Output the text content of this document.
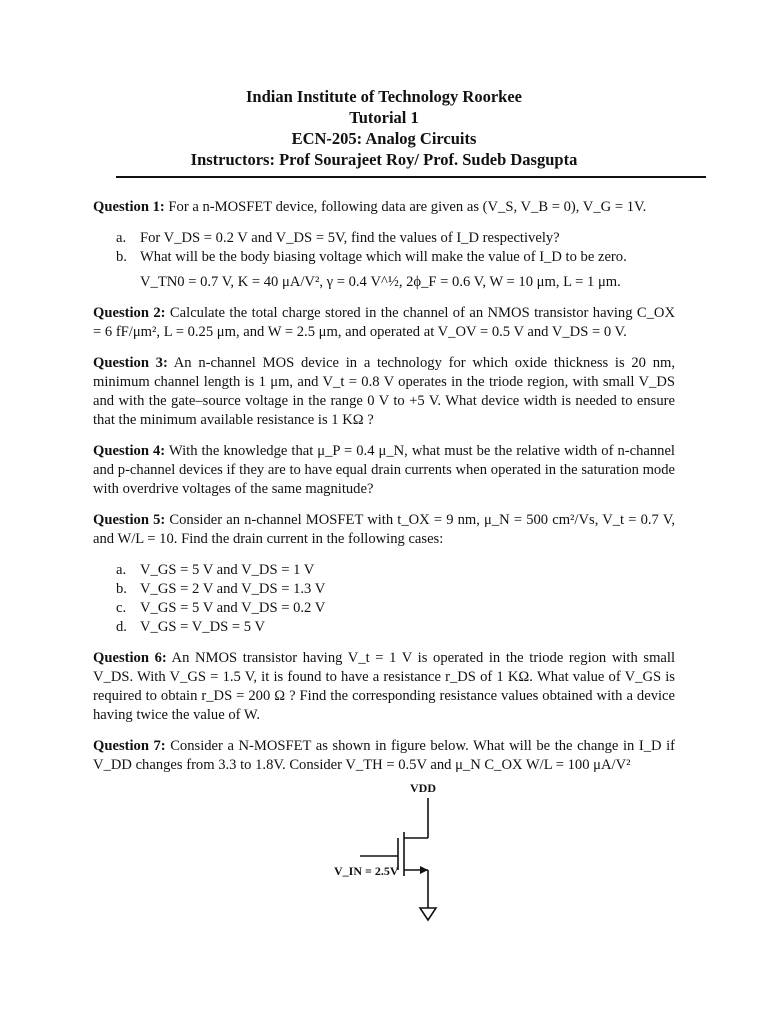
Indian Institute of Technology Roorkee
Tutorial 1
ECN-205: Analog Circuits
Instructors: Prof Sourajeet Roy/ Prof. Sudeb Dasgupta

Question 1: For a n-MOSFET device, following data are given as (V_S, V_B = 0), V_G = 1V.

a. For V_DS = 0.2 V and V_DS = 5V, find the values of I_D respectively?
b. What will be the body biasing voltage which will make the value of I_D to be zero.

V_TN0 = 0.7 V, K = 40 μA/V², γ = 0.4 V^½, 2ϕ_F = 0.6 V, W = 10 μm, L = 1 μm.

Question 2: Calculate the total charge stored in the channel of an NMOS transistor having C_OX = 6 fF/μm², L = 0.25 μm, and W = 2.5 μm, and operated at V_OV = 0.5 V and V_DS = 0 V.

Question 3: An n-channel MOS device in a technology for which oxide thickness is 20 nm, minimum channel length is 1 μm, and V_t = 0.8 V operates in the triode region, with small V_DS and with the gate–source voltage in the range 0 V to +5 V. What device width is needed to ensure that the minimum available resistance is 1 KΩ ?

Question 4: With the knowledge that μ_P = 0.4 μ_N, what must be the relative width of n-channel and p-channel devices if they are to have equal drain currents when operated in the saturation mode with overdrive voltages of the same magnitude?

Question 5: Consider an n-channel MOSFET with t_OX = 9 nm, μ_N = 500 cm²/Vs, V_t = 0.7 V, and W/L = 10. Find the drain current in the following cases:

a. V_GS = 5 V and V_DS = 1 V
b. V_GS = 2 V and V_DS = 1.3 V
c. V_GS = 5 V and V_DS = 0.2 V
d. V_GS = V_DS = 5 V

Question 6: An NMOS transistor having V_t = 1 V is operated in the triode region with small V_DS. With V_GS = 1.5 V, it is found to have a resistance r_DS of 1 KΩ. What value of V_GS is required to obtain r_DS = 200 Ω ? Find the corresponding resistance values obtained with a device having twice the value of W.

Question 7: Consider a N-MOSFET as shown in figure below. What will be the change in I_D if V_DD changes from 3.3 to 1.8V. Consider V_TH = 0.5V and μ_N C_OX W/L = 100 μA/V²

VDD
V_IN = 2.5V
